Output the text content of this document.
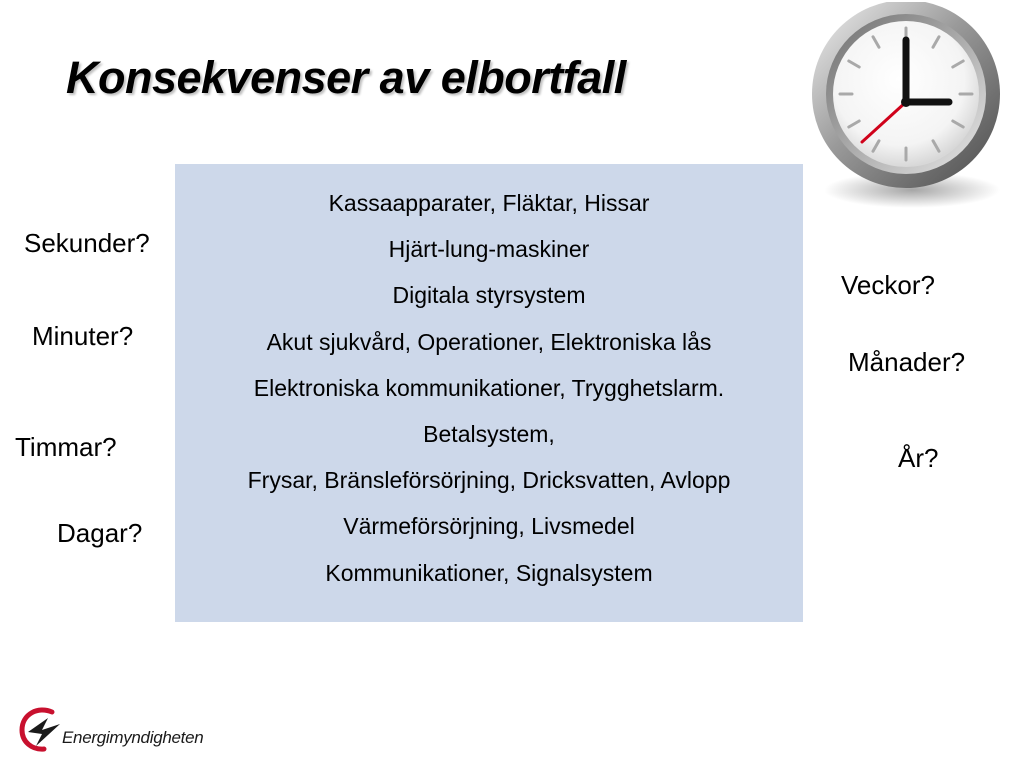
Konsekvenser av elbortfall
Kassaapparater, Fläktar, Hissar
Hjärt-lung-maskiner
Digitala styrsystem
Akut sjukvård, Operationer, Elektroniska lås
Elektroniska kommunikationer, Trygghetslarm.
Betalsystem,
Frysar, Bränsleförsörjning, Dricksvatten, Avlopp
Värmeförsörjning, Livsmedel
Kommunikationer, Signalsystem
Sekunder?
Minuter?
Timmar?
Dagar?
Veckor?
Månader?
År?
Energimyndigheten
